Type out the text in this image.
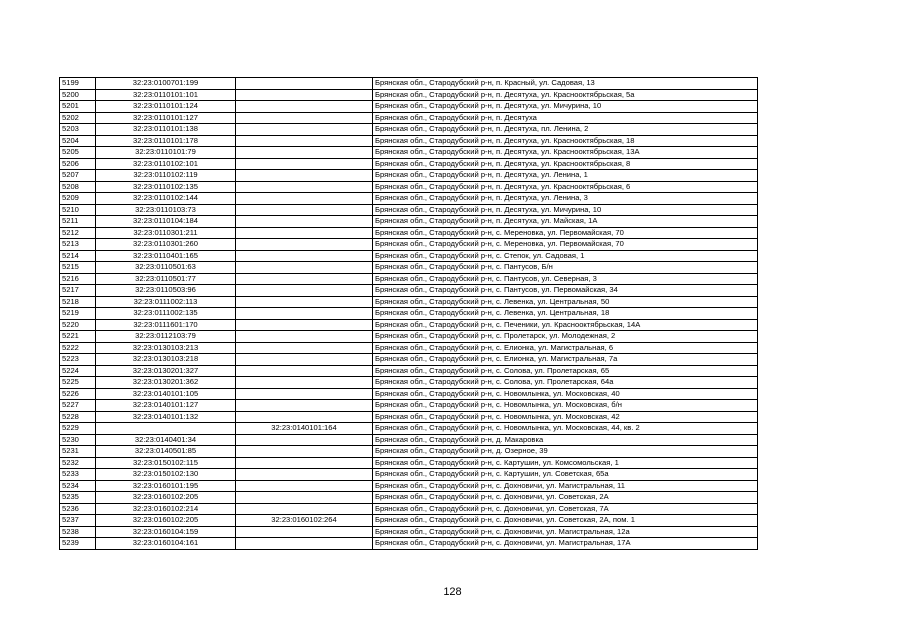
5199	32:23:0100701:199		Брянская обл., Стародубский р-н, п. Красный, ул. Садовая, 13
5200	32:23:0110101:101		Брянская обл., Стародубский р-н, п. Десятуха, ул. Краснооктябрьская, 5а
5201	32:23:0110101:124		Брянская обл., Стародубский р-н, п. Десятуха, ул. Мичурина, 10
5202	32:23:0110101:127		Брянская обл., Стародубский р-н, п. Десятуха
5203	32:23:0110101:138		Брянская обл., Стародубский р-н, п. Десятуха, пл. Ленина, 2
5204	32:23:0110101:178		Брянская обл., Стародубский р-н, п. Десятуха, ул. Краснооктябрьская, 18
5205	32:23:0110101:79		Брянская обл., Стародубский р-н, п. Десятуха, ул. Краснооктябрьская, 13А
5206	32:23:0110102:101		Брянская обл., Стародубский р-н, п. Десятуха, ул. Краснооктябрьская, 8
5207	32:23:0110102:119		Брянская обл., Стародубский р-н, п. Десятуха, ул. Ленина, 1
5208	32:23:0110102:135		Брянская обл., Стародубский р-н, п. Десятуха, ул. Краснооктябрьская, 6
5209	32:23:0110102:144		Брянская обл., Стародубский р-н, п. Десятуха, ул. Ленина, 3
5210	32:23:0110103:73		Брянская обл., Стародубский р-н, п. Десятуха, ул. Мичурина, 10
5211	32:23:0110104:184		Брянская обл., Стародубский р-н, п. Десятуха, ул. Майская, 1А
5212	32:23:0110301:211		Брянская обл., Стародубский р-н, с. Мереновка, ул. Первомайская, 70
5213	32:23:0110301:260		Брянская обл., Стародубский р-н, с. Мереновка, ул. Первомайская, 70
5214	32:23:0110401:165		Брянская обл., Стародубский р-н, с. Степок, ул. Садовая, 1
5215	32:23:0110501:63		Брянская обл., Стародубский р-н, с. Пантусов, Б/н
5216	32:23:0110501:77		Брянская обл., Стародубский р-н, с. Пантусов, ул. Северная, 3
5217	32:23:0110503:96		Брянская обл., Стародубский р-н, с. Пантусов, ул. Первомайская, 34
5218	32:23:0111002:113		Брянская обл., Стародубский р-н, с. Левенка, ул. Центральная, 50
5219	32:23:0111002:135		Брянская обл., Стародубский р-н, с. Левенка, ул. Центральная, 18
5220	32:23:0111601:170		Брянская обл., Стародубский р-н, с. Печеники, ул. Краснооктябрьская, 14А
5221	32:23:0112103:79		Брянская обл., Стародубский р-н, с. Пролетарск, ул. Молодежная, 2
5222	32:23:0130103:213		Брянская обл., Стародубский р-н, с. Елионка, ул. Магистральная, 6
5223	32:23:0130103:218		Брянская обл., Стародубский р-н, с. Елионка, ул. Магистральная, 7а
5224	32:23:0130201:327		Брянская обл., Стародубский р-н, с. Солова, ул. Пролетарская, 65
5225	32:23:0130201:362		Брянская обл., Стародубский р-н, с. Солова, ул. Пролетарская, 64а
5226	32:23:0140101:105		Брянская обл., Стародубский р-н, с. Новомлынка, ул. Московская, 40
5227	32:23:0140101:127		Брянская обл., Стародубский р-н, с. Новомлынка, ул. Московская, б/н
5228	32:23:0140101:132		Брянская обл., Стародубский р-н, с. Новомлынка, ул. Московская, 42
5229		32:23:0140101:164	Брянская обл., Стародубский р-н, с. Новомлынка, ул. Московская, 44, кв. 2
5230	32:23:0140401:34		Брянская обл., Стародубский р-н, д. Макаровка
5231	32:23:0140501:85		Брянская обл., Стародубский р-н, д. Озерное, 39
5232	32:23:0150102:115		Брянская обл., Стародубский р-н, с. Картушин, ул. Комсомольская, 1
5233	32:23:0150102:130		Брянская обл., Стародубский р-н, с. Картушин, ул. Советская, 65а
5234	32:23:0160101:195		Брянская обл., Стародубский р-н, с. Дохновичи, ул. Магистральная, 11
5235	32:23:0160102:205		Брянская обл., Стародубский р-н, с. Дохновичи, ул. Советская, 2А
5236	32:23:0160102:214		Брянская обл., Стародубский р-н, с. Дохновичи, ул. Советская, 7А
5237	32:23:0160102:205	32:23:0160102:264	Брянская обл., Стародубский р-н, с. Дохновичи, ул. Советская, 2А, пом. 1
5238	32:23:0160104:159		Брянская обл., Стародубский р-н, с. Дохновичи, ул. Магистральная, 12а
5239	32:23:0160104:161		Брянская обл., Стародубский р-н, с. Дохновичи, ул. Магистральная, 17А
128
